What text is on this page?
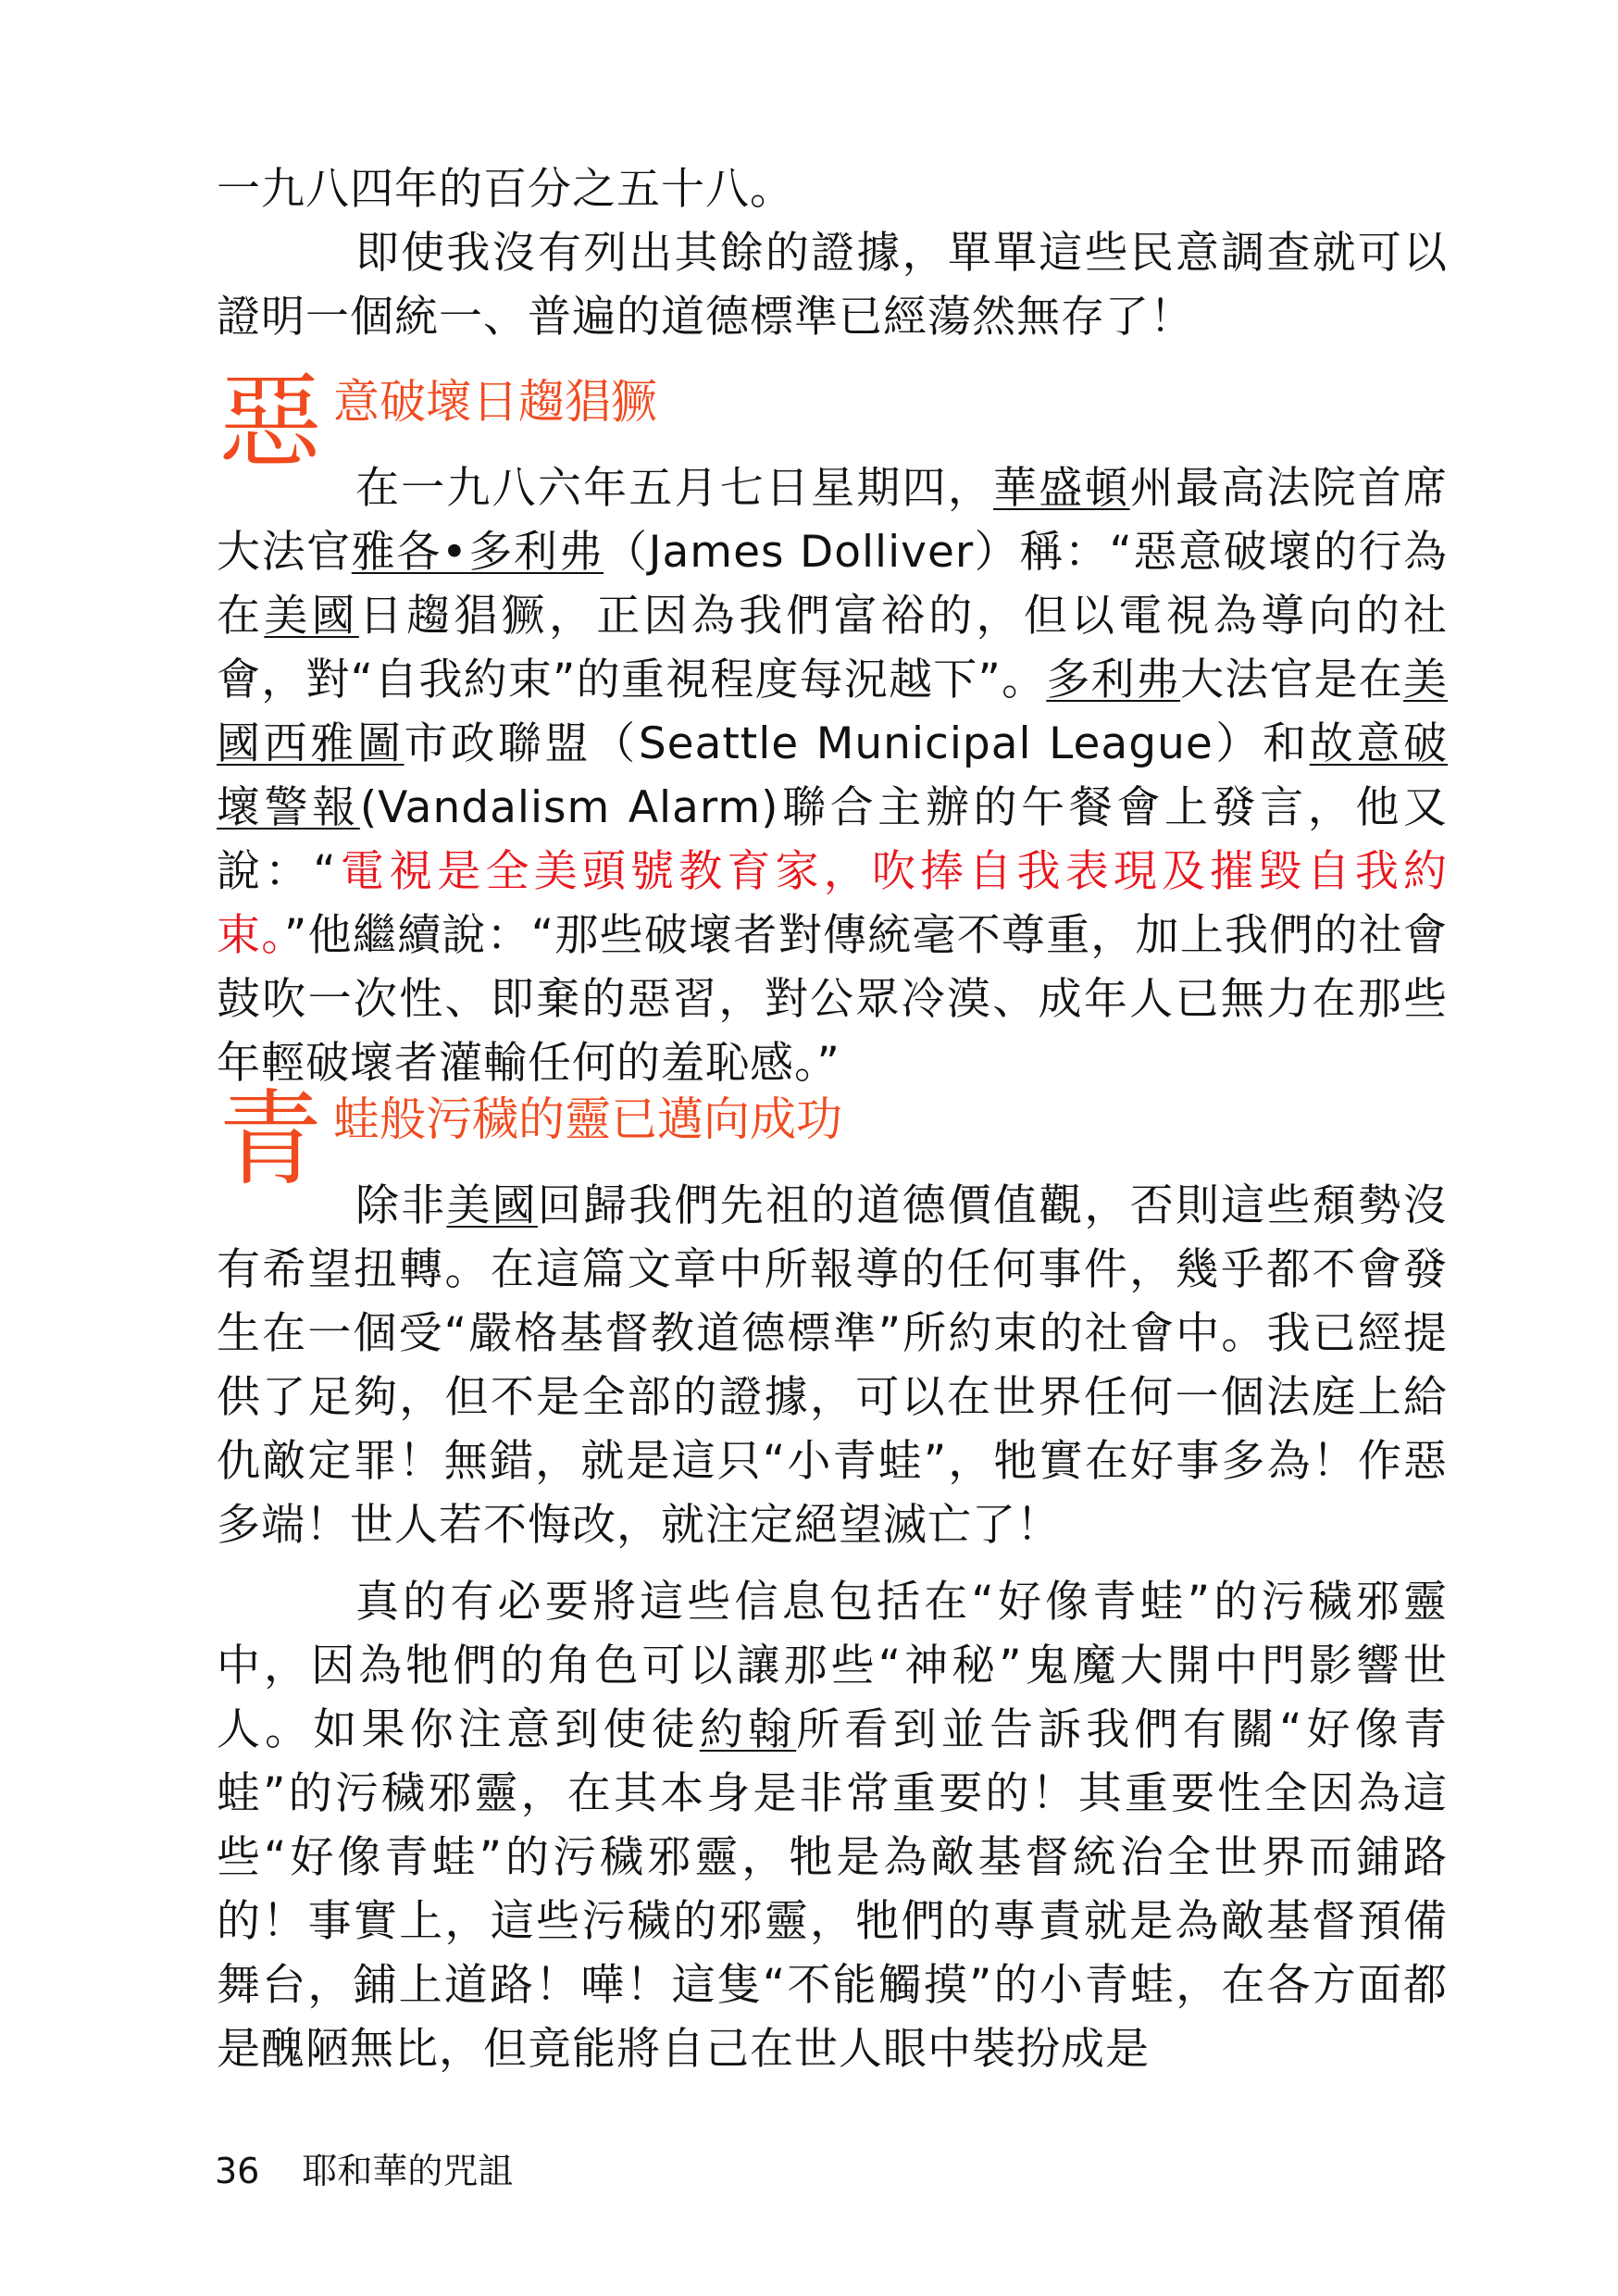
一九八四年的百分之五十八。

即使我沒有列出其餘的證據，單單這些民意調查就可以證明一個統一、普遍的道德標準已經蕩然無存了！

惡 意破壞日趨猖獗

在一九八六年五月七日星期四，華盛頓州最高法院首席大法官雅各•多利弗（James Dolliver）稱：“惡意破壞的行為在美國日趨猖獗，正因為我們富裕的，但以電視為導向的社會，對“自我約束”的重視程度每況越下”。多利弗大法官是在美國西雅圖市政聯盟（Seattle Municipal League）和故意破壞警報(Vandalism Alarm)聯合主辦的午餐會上發言，他又說：“電視是全美頭號教育家，吹捧自我表現及摧毀自我約束。”他繼續說：“那些破壞者對傳統毫不尊重，加上我們的社會鼓吹一次性、即棄的惡習，對公眾冷漠、成年人已無力在那些年輕破壞者灌輸任何的羞恥感。”

青 蛙般污穢的靈已邁向成功

除非美國回歸我們先祖的道德價值觀，否則這些頹勢沒有希望扭轉。在這篇文章中所報導的任何事件，幾乎都不會發生在一個受“嚴格基督教道德標準”所約束的社會中。我已經提供了足夠，但不是全部的證據，可以在世界任何一個法庭上給仇敵定罪！無錯，就是這只“小青蛙”，牠實在好事多為！作惡多端！世人若不悔改，就注定絕望滅亡了！

真的有必要將這些信息包括在“好像青蛙”的污穢邪靈中，因為牠們的角色可以讓那些“神秘”鬼魔大開中門影響世人。如果你注意到使徒約翰所看到並告訴我們有關“好像青蛙”的污穢邪靈，在其本身是非常重要的！其重要性全因為這些“好像青蛙”的污穢邪靈，牠是為敵基督統治全世界而鋪路的！事實上，這些污穢的邪靈，牠們的專責就是為敵基督預備舞台，鋪上道路！嘩！這隻“不能觸摸”的小青蛙，在各方面都是醜陋無比，但竟能將自己在世人眼中裝扮成是

36 耶和華的咒詛
